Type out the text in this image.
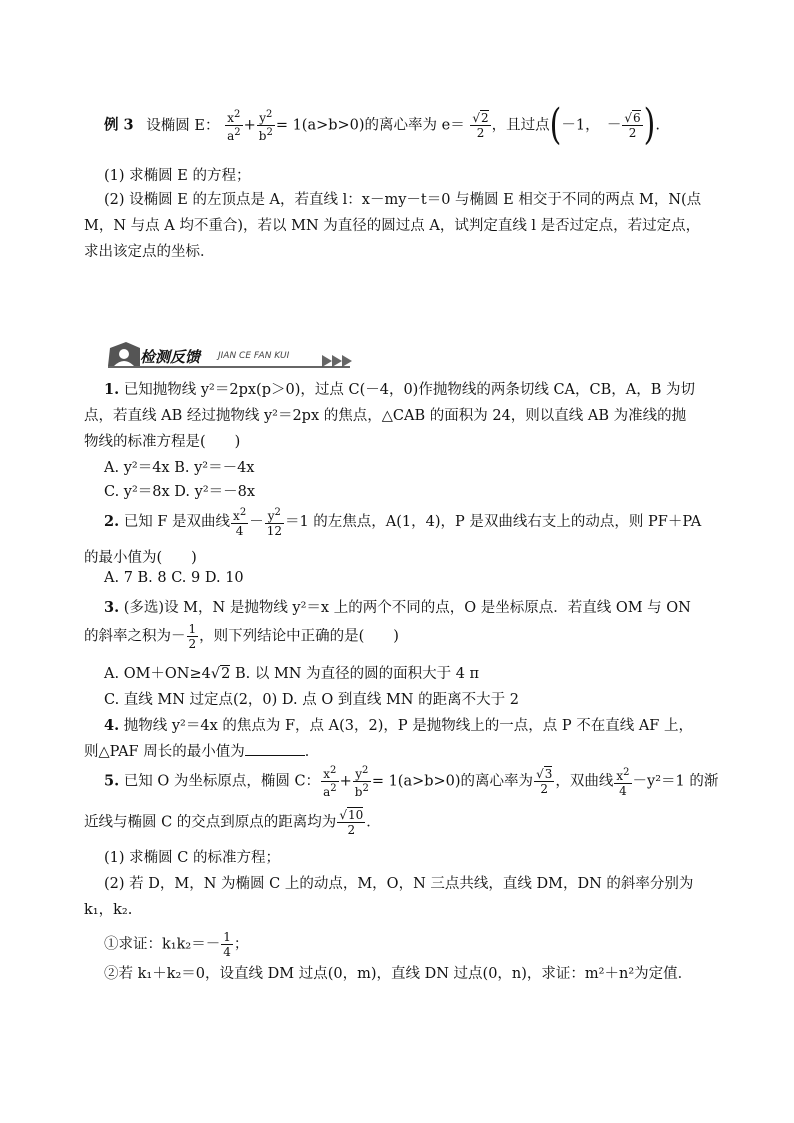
例 3 设椭圆 E： $\frac{x^2}{a^2} + \frac{y^2}{b^2} = 1(a>b>0)$的离心率为 $e= \frac{√2}{2}$ ，且过点(－1，　 － $\frac{√6}{2}$ ).
(1) 求椭圆 E 的方程；
(2) 设椭圆 E 的左顶点是 A，若直线 l：x－my－t＝0 与椭圆 E 相交于不同的两点 M，N(点
M，N 与点 A 均不重合)，若以 MN 为直径的圆过点 A，试判定直线 l 是否过定点，若过定点，
求出该定点的坐标．
检测反馈 JIAN CE FAN KUI
1. 已知抛物线 y²＝2px(p＞0)，过点 C(－4，0)作抛物线的两条切线 CA，CB，A，B 为切
点，若直线 AB 经过抛物线 y²＝2px 的焦点，△CAB 的面积为 24，则以直线 AB 为准线的抛
物线的标准方程是(　　)
A. y²＝4x B. y²＝－4x
C. y²＝8x D. y²＝－8x
2. 已知 F 是双曲线 $\frac{x^2}{4} - \frac{y^2}{12} =1$ 的左焦点，A(1，4)，P 是双曲线右支上的动点，则 PF＋PA
的最小值为(　　)
A. 7 B. 8 C. 9 D. 10
3. (多选)设 M，N 是抛物线 y²＝x 上的两个不同的点，O 是坐标原点．若直线 OM 与 ON
的斜率之积为－ $\frac{1}{2}$ ，则下列结论中正确的是(　　)
A. OM＋ON≥4√2 B. 以 MN 为直径的圆的面积大于 4 π
C. 直线 MN 过定点(2，0) D. 点 O 到直线 MN 的距离不大于 2
4. 抛物线 y²＝4x 的焦点为 F，点 A(3，2)，P 是抛物线上的一点，点 P 不在直线 AF 上，
则△PAF 周长的最小值为	．
5. 已知 O 为坐标原点，椭圆 C： $\frac{x^2}{a^2} + \frac{y^2}{b^2} = 1(a>b>0)$的离心率为 $\frac{√3}{2}$ ，双曲线 $\frac{x^2}{4} -y^2=1$ 的渐
近线与椭圆 C 的交点到原点的距离均为 $\frac{√10}{2}$ ．
(1) 求椭圆 C 的标准方程；
(2) 若 D，M，N 为椭圆 C 上的动点，M，O，N 三点共线，直线 DM，DN 的斜率分别为
k₁，k₂.
①求证：$k_1k_2=- \frac{1}{4}$ ；
②若 k₁＋k₂＝0，设直线 DM 过点(0，m)，直线 DN 过点(0，n)，求证：m²＋n²为定值．
